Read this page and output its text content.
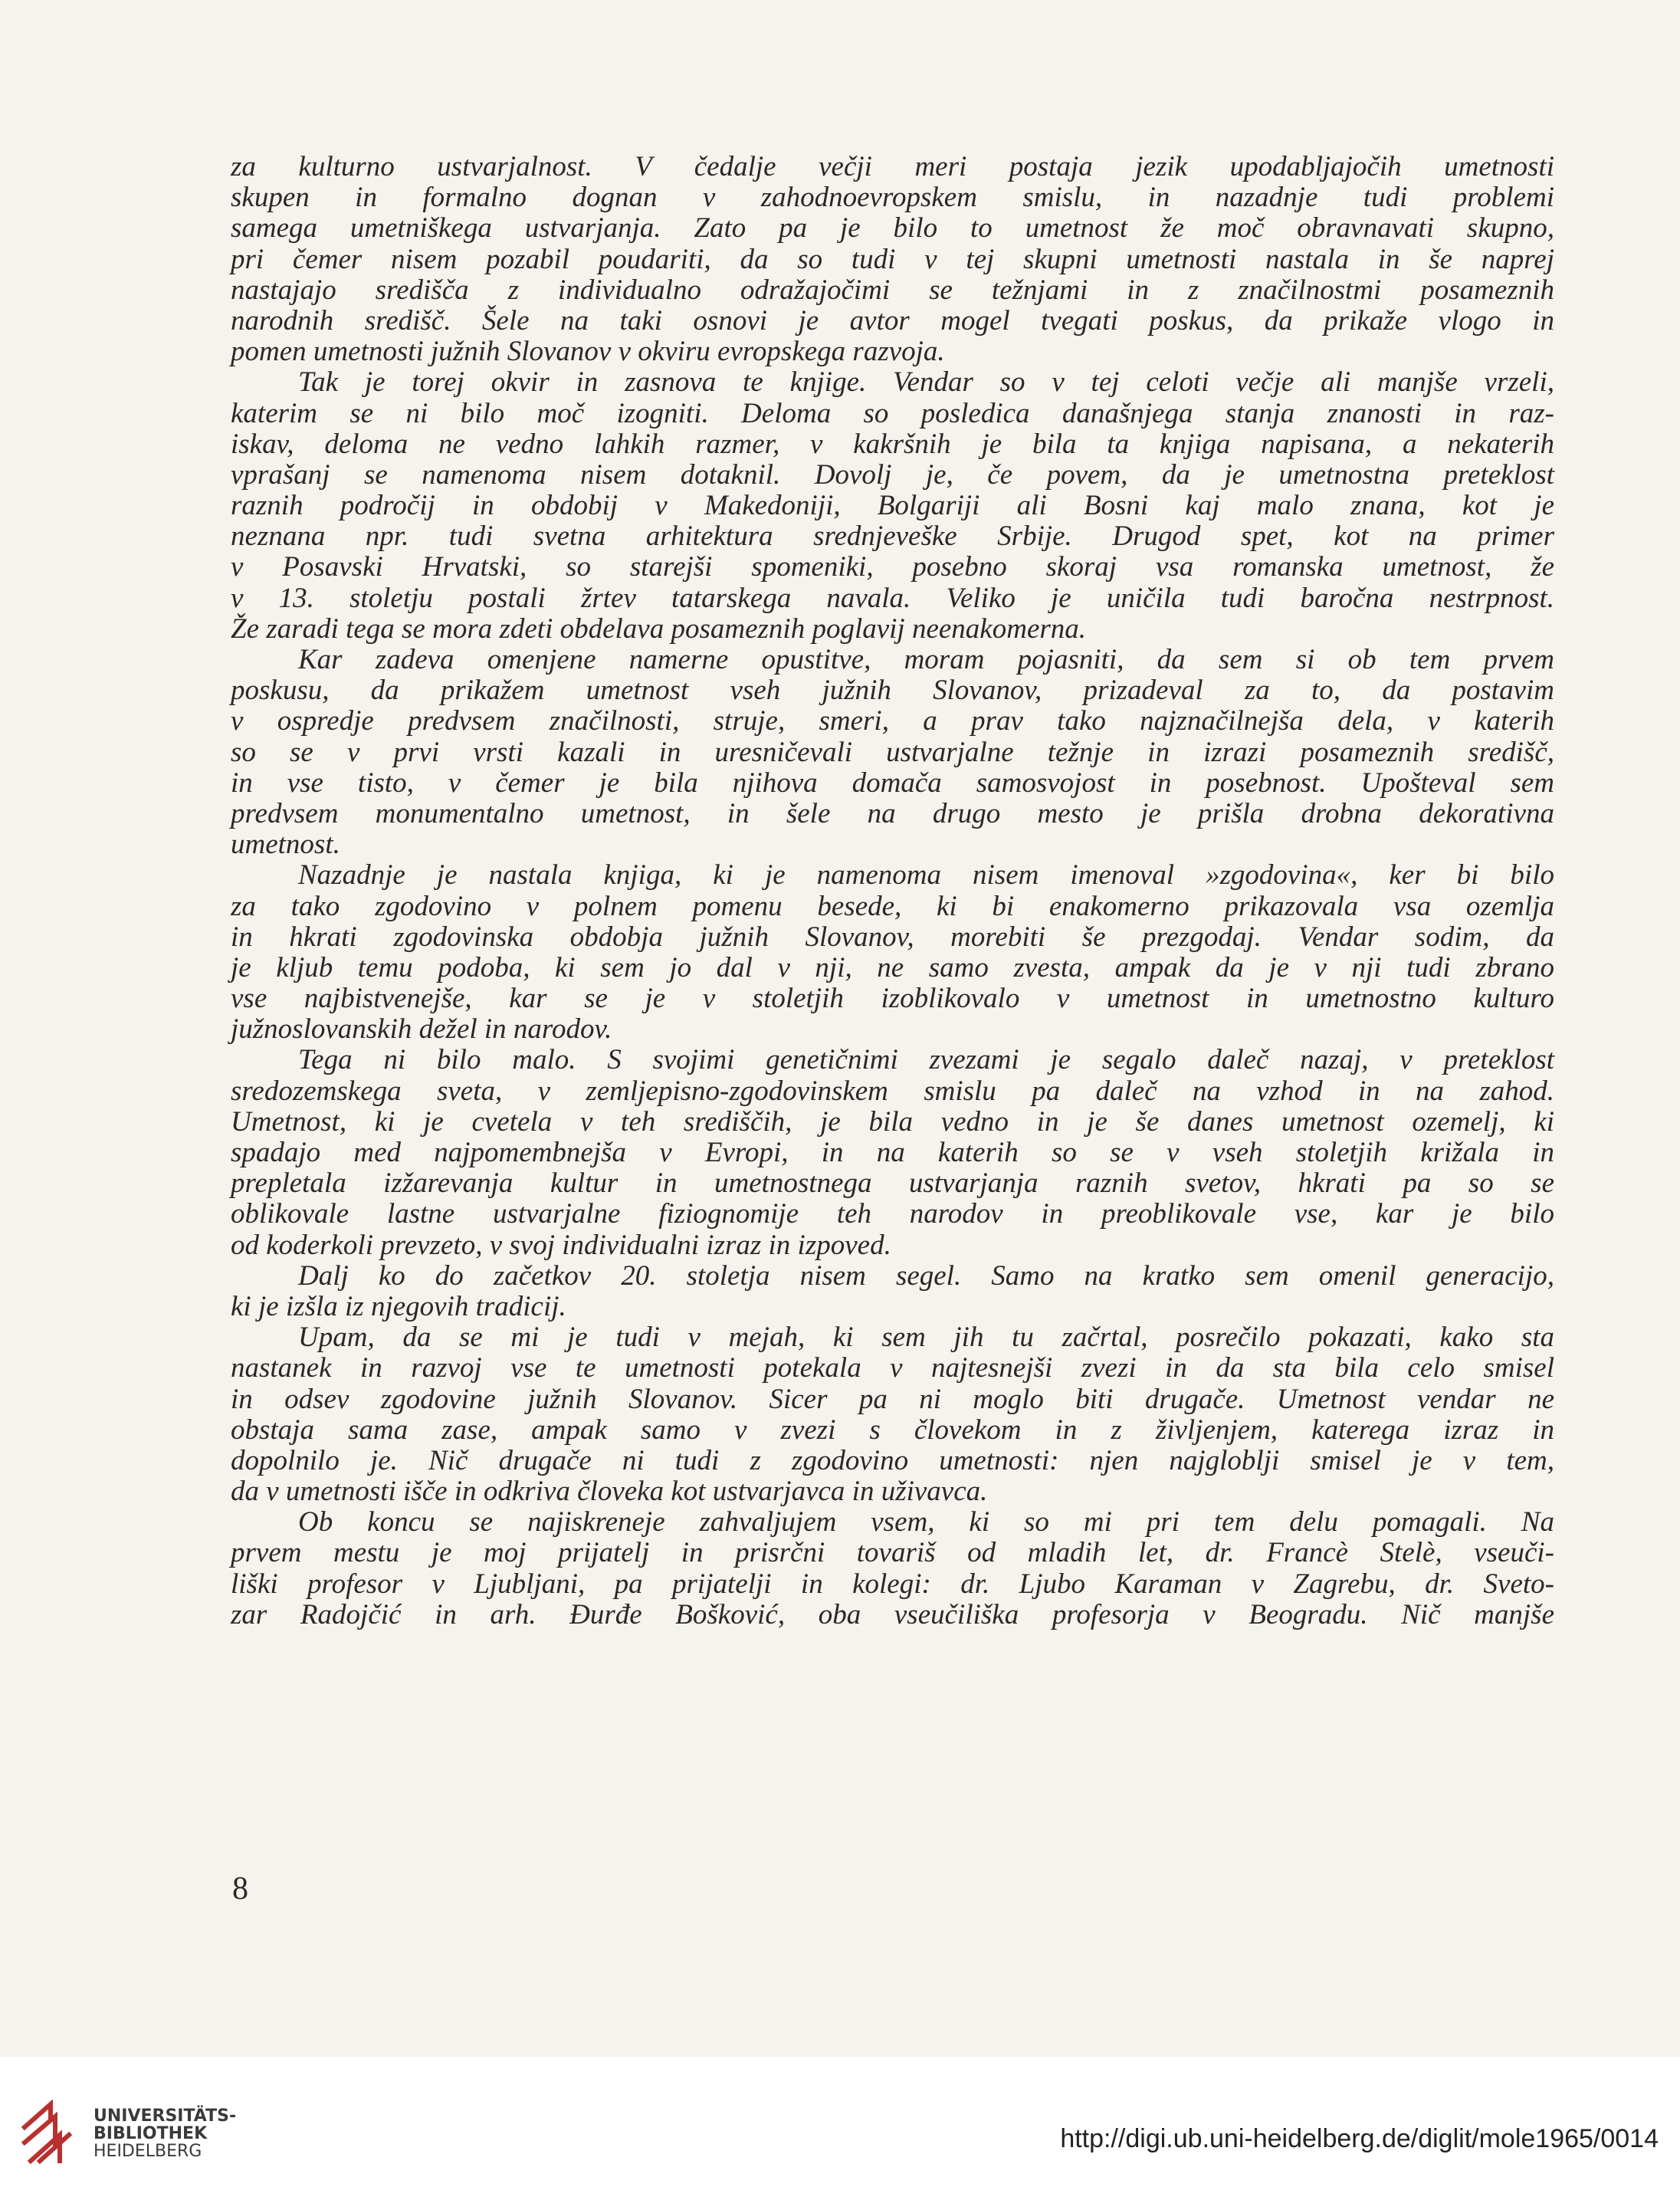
za kulturno ustvarjalnost. V čedalje večji meri postaja jezik upodabljajočih umetnosti
skupen in formalno dognan v zahodnoevropskem smislu, in nazadnje tudi problemi
samega umetniškega ustvarjanja. Zato pa je bilo to umetnost že moč obravnavati skupno,
pri čemer nisem pozabil poudariti, da so tudi v tej skupni umetnosti nastala in še naprej
nastajajo središča z individualno odražajočimi se težnjami in z značilnostmi posameznih
narodnih središč. Šele na taki osnovi je avtor mogel tvegati poskus, da prikaže vlogo in
pomen umetnosti južnih Slovanov v okviru evropskega razvoja.
Tak je torej okvir in zasnova te knjige. Vendar so v tej celoti večje ali manjše vrzeli,
katerim se ni bilo moč izogniti. Deloma so posledica današnjega stanja znanosti in raz-
iskav, deloma ne vedno lahkih razmer, v kakršnih je bila ta knjiga napisana, a nekaterih
vprašanj se namenoma nisem dotaknil. Dovolj je, če povem, da je umetnostna preteklost
raznih področij in obdobij v Makedoniji, Bolgariji ali Bosni kaj malo znana, kot je
neznana npr. tudi svetna arhitektura srednjeveške Srbije. Drugod spet, kot na primer
v Posavski Hrvatski, so starejši spomeniki, posebno skoraj vsa romanska umetnost, že
v 13. stoletju postali žrtev tatarskega navala. Veliko je uničila tudi baročna nestrpnost.
Že zaradi tega se mora zdeti obdelava posameznih poglavij neenakomerna.
Kar zadeva omenjene namerne opustitve, moram pojasniti, da sem si ob tem prvem
poskusu, da prikažem umetnost vseh južnih Slovanov, prizadeval za to, da postavim
v ospredje predvsem značilnosti, struje, smeri, a prav tako najznačilnejša dela, v katerih
so se v prvi vrsti kazali in uresničevali ustvarjalne težnje in izrazi posameznih središč,
in vse tisto, v čemer je bila njihova domača samosvojost in posebnost. Upošteval sem
predvsem monumentalno umetnost, in šele na drugo mesto je prišla drobna dekorativna
umetnost.
Nazadnje je nastala knjiga, ki je namenoma nisem imenoval »zgodovina«, ker bi bilo
za tako zgodovino v polnem pomenu besede, ki bi enakomerno prikazovala vsa ozemlja
in hkrati zgodovinska obdobja južnih Slovanov, morebiti še prezgodaj. Vendar sodim, da
je kljub temu podoba, ki sem jo dal v nji, ne samo zvesta, ampak da je v nji tudi zbrano
vse najbistvenejše, kar se je v stoletjih izoblikovalo v umetnost in umetnostno kulturo
južnoslovanskih dežel in narodov.
Tega ni bilo malo. S svojimi genetičnimi zvezami je segalo daleč nazaj, v preteklost
sredozemskega sveta, v zemljepisno-zgodovinskem smislu pa daleč na vzhod in na zahod.
Umetnost, ki je cvetela v teh središčih, je bila vedno in je še danes umetnost ozemelj, ki
spadajo med najpomembnejša v Evropi, in na katerih so se v vseh stoletjih križala in
prepletala izžarevanja kultur in umetnostnega ustvarjanja raznih svetov, hkrati pa so se
oblikovale lastne ustvarjalne fiziognomije teh narodov in preoblikovale vse, kar je bilo
od koderkoli prevzeto, v svoj individualni izraz in izpoved.
Dalj ko do začetkov 20. stoletja nisem segel. Samo na kratko sem omenil generacijo,
ki je izšla iz njegovih tradicij.
Upam, da se mi je tudi v mejah, ki sem jih tu začrtal, posrečilo pokazati, kako sta
nastanek in razvoj vse te umetnosti potekala v najtesnejši zvezi in da sta bila celo smisel
in odsev zgodovine južnih Slovanov. Sicer pa ni moglo biti drugače. Umetnost vendar ne
obstaja sama zase, ampak samo v zvezi s človekom in z življenjem, katerega izraz in
dopolnilo je. Nič drugače ni tudi z zgodovino umetnosti: njen najgloblji smisel je v tem,
da v umetnosti išče in odkriva človeka kot ustvarjavca in uživavca.
Ob koncu se najiskreneje zahvaljujem vsem, ki so mi pri tem delu pomagali. Na
prvem mestu je moj prijatelj in prisrčni tovariš od mladih let, dr. Francè Stelè, vseuči-
liški profesor v Ljubljani, pa prijatelji in kolegi: dr. Ljubo Karaman v Zagrebu, dr. Sveto-
zar Radojčić in arh. Đurđe Bošković, oba vseučiliška profesorja v Beogradu. Nič manjše
8
UNIVERSITÄTS-
BIBLIOTHEK
HEIDELBERG	http://digi.ub.uni-heidelberg.de/diglit/mole1965/0014
